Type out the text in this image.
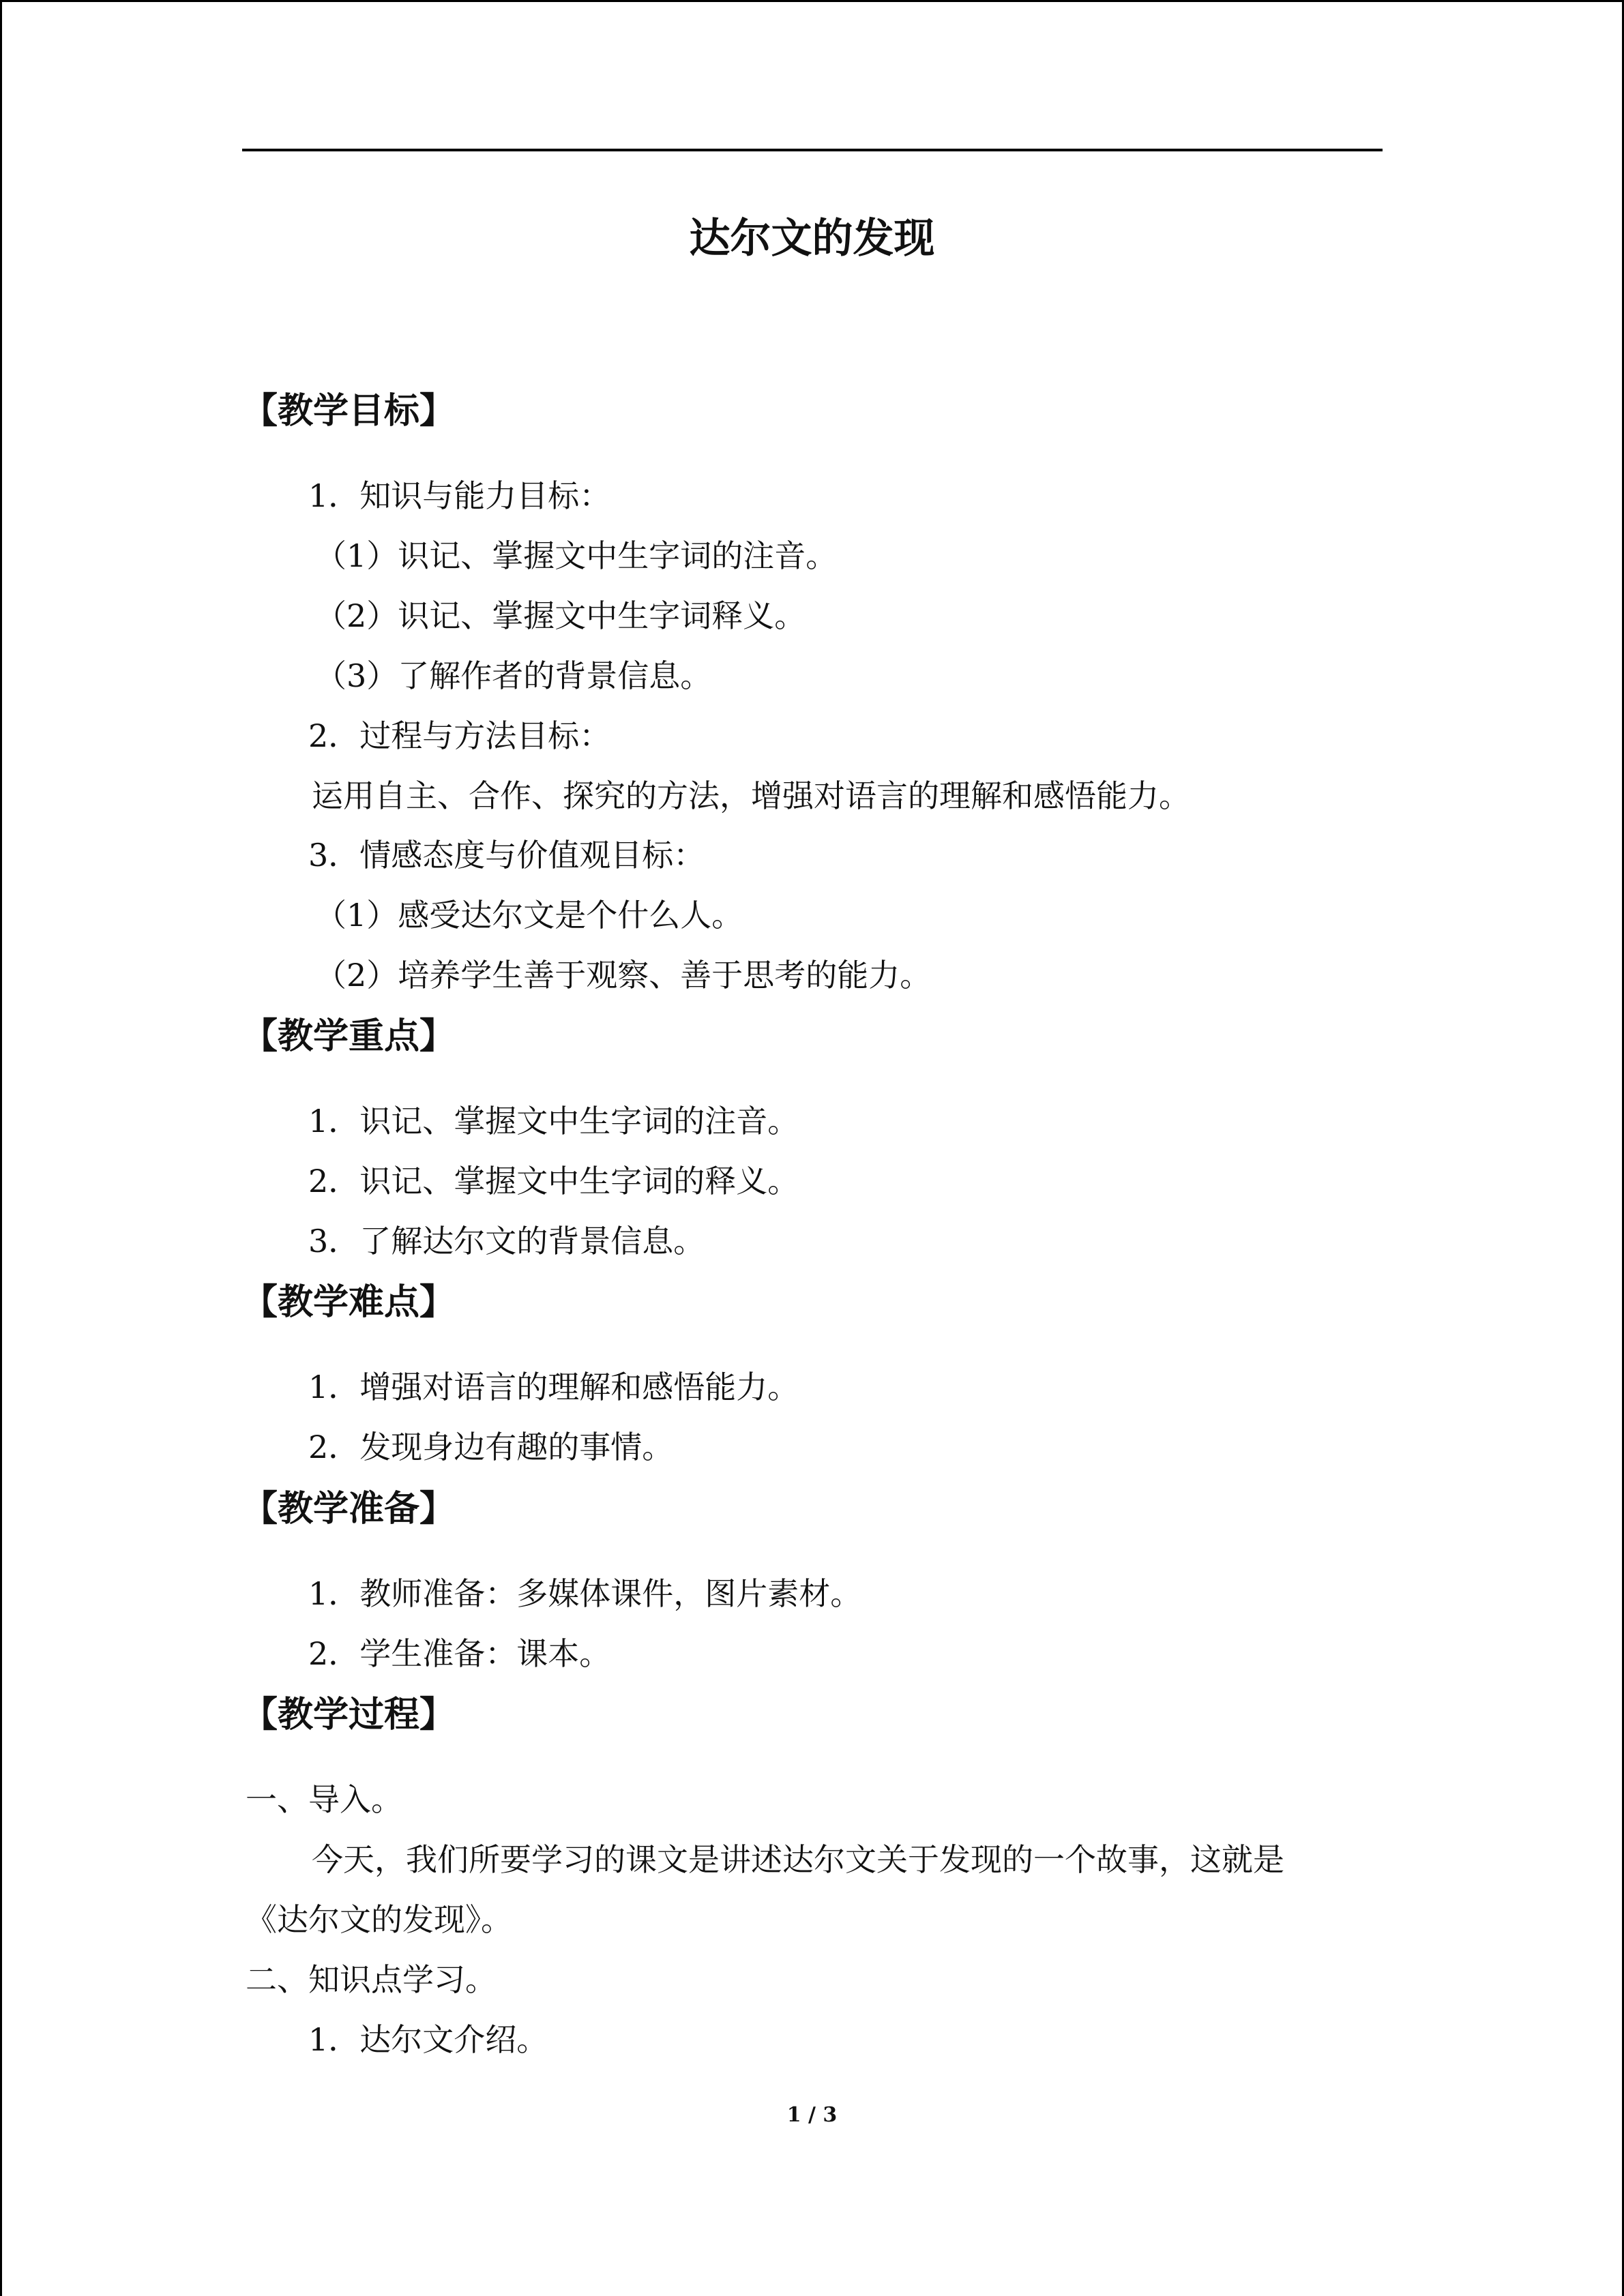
达尔文的发现
【教学目标】
1．知识与能力目标：
（1）识记、掌握文中生字词的注音。
（2）识记、掌握文中生字词释义。
（3）了解作者的背景信息。
2．过程与方法目标：
运用自主、合作、探究的方法，增强对语言的理解和感悟能力。
3．情感态度与价值观目标：
（1）感受达尔文是个什么人。
（2）培养学生善于观察、善于思考的能力。
【教学重点】
1．识记、掌握文中生字词的注音。
2．识记、掌握文中生字词的释义。
3．了解达尔文的背景信息。
【教学难点】
1．增强对语言的理解和感悟能力。
2．发现身边有趣的事情。
【教学准备】
1．教师准备：多媒体课件，图片素材。
2．学生准备：课本。
【教学过程】
一、导入。
今天，我们所要学习的课文是讲述达尔文关于发现的一个故事，这就是
《达尔文的发现》。
二、知识点学习。
1．达尔文介绍。
1 / 3
